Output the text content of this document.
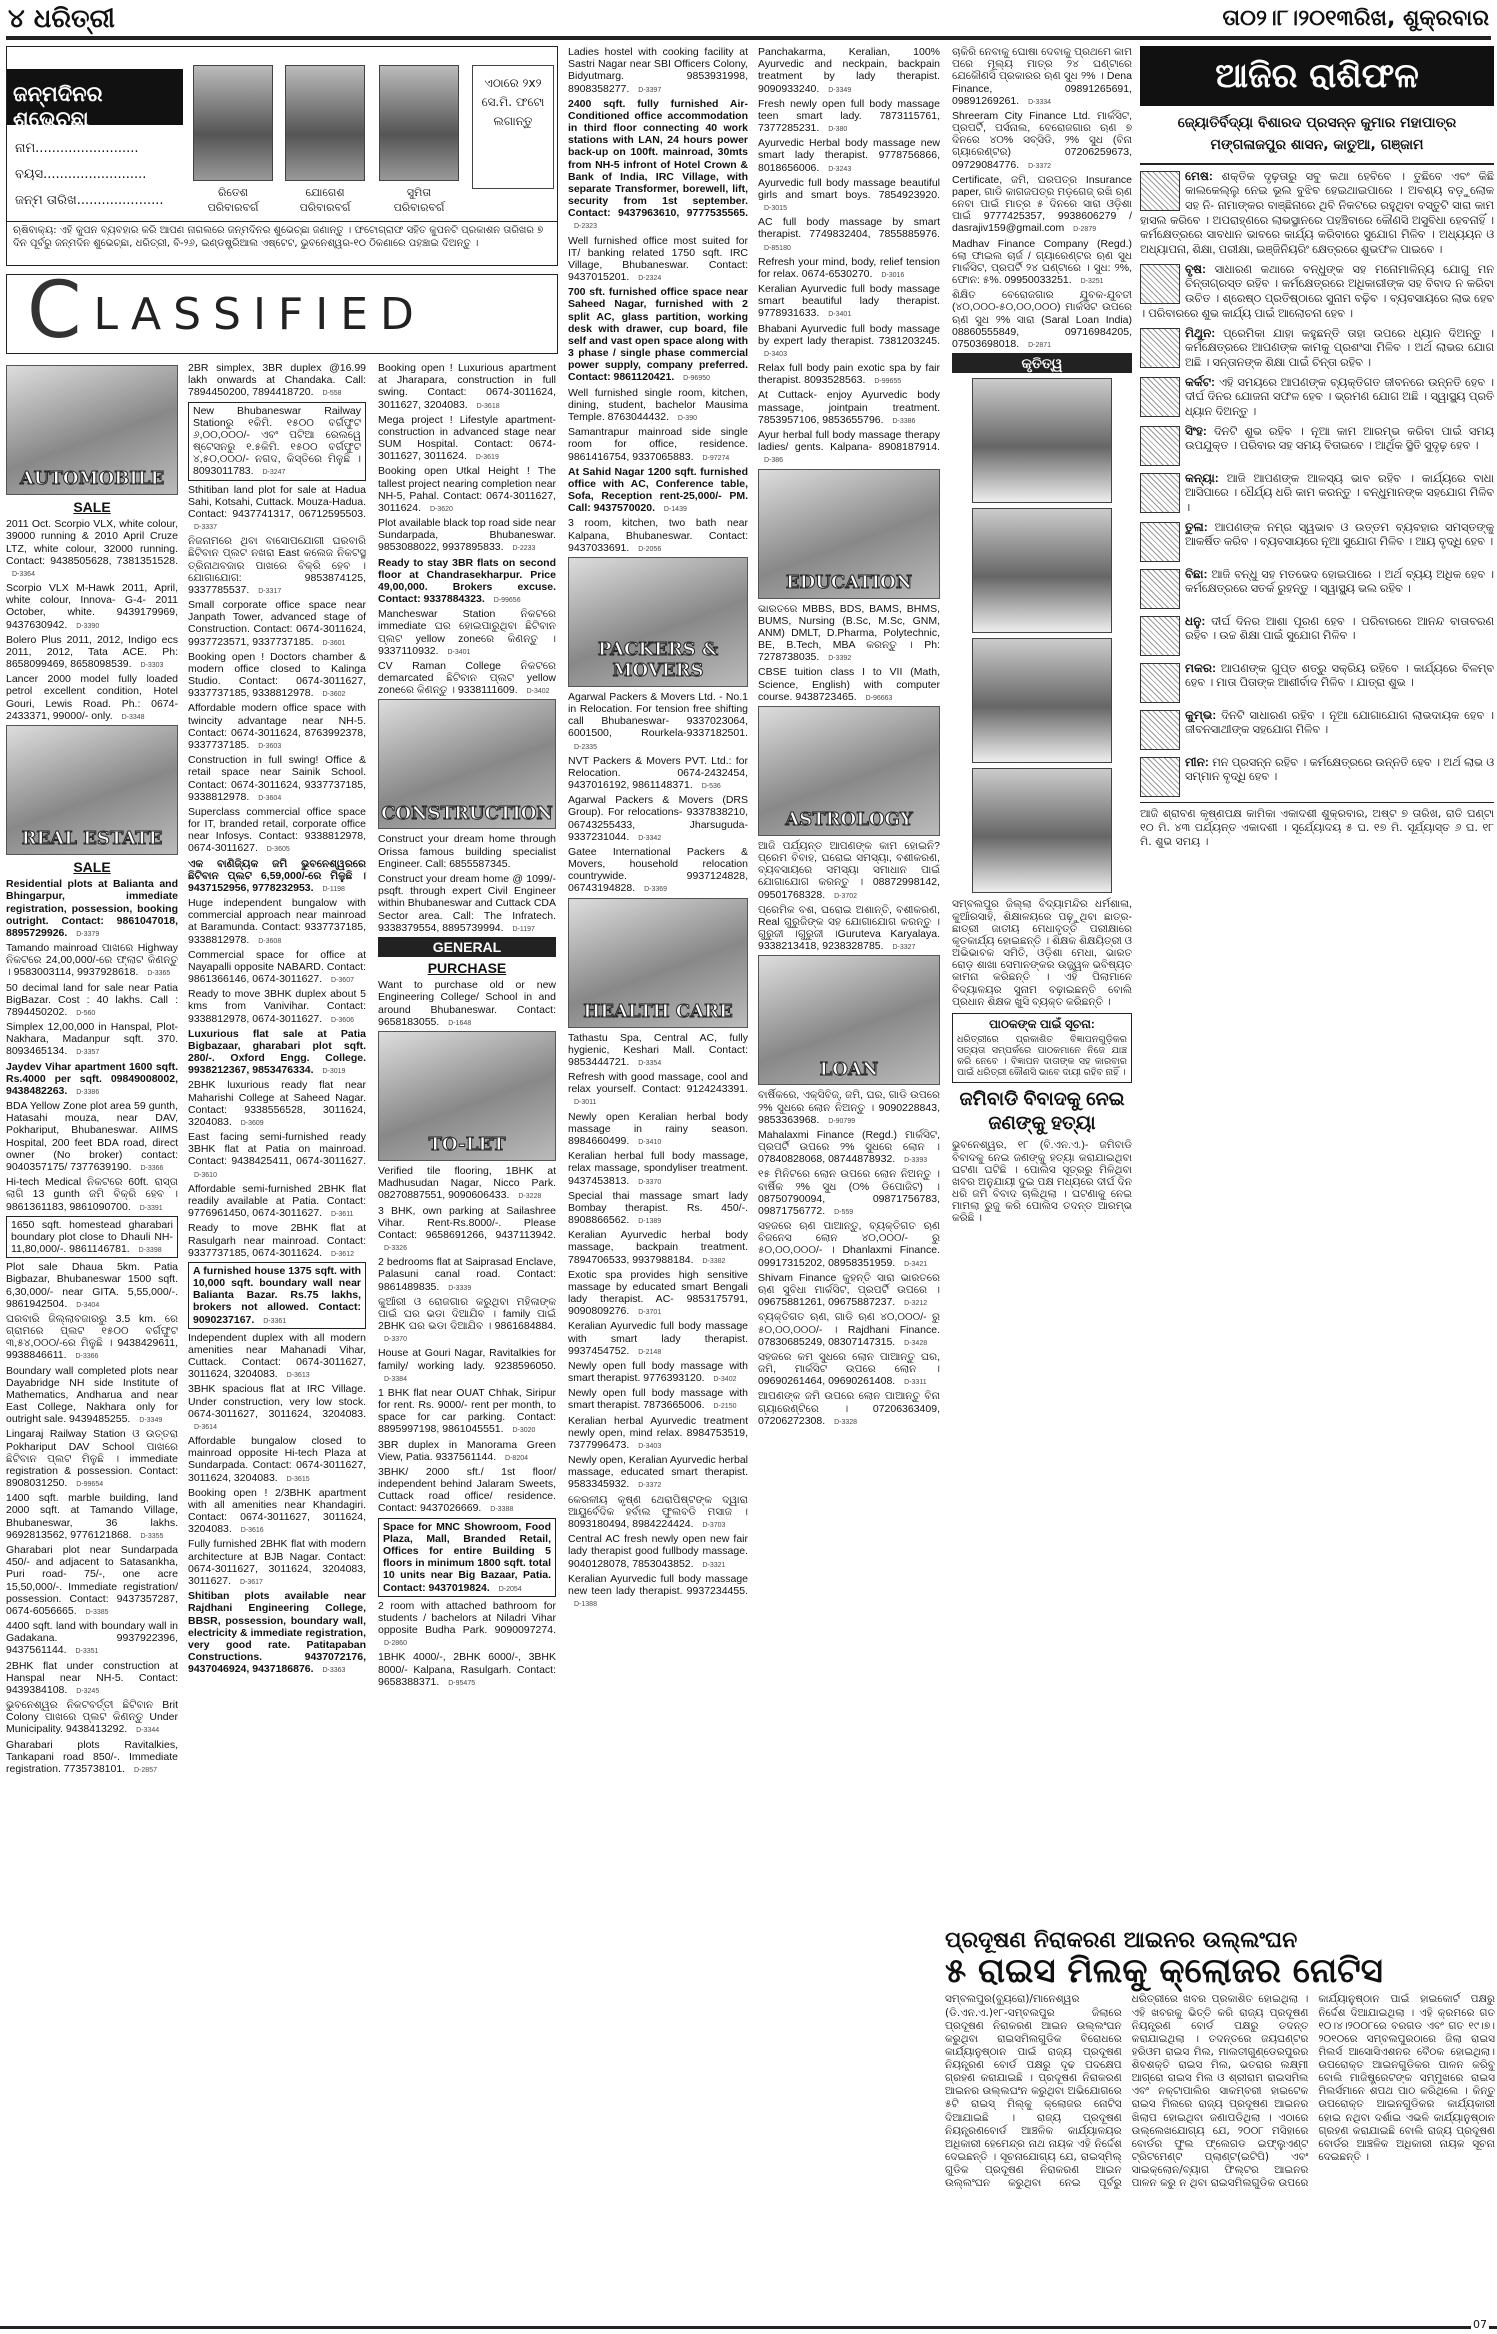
୪ ଧରିତ୍ରୀ	ତା୦୨।୮।୨୦୧୩ରିଖ, ଶୁକ୍ରବାର
ଜନ୍ମଦିନର ଶୁଭେଚ୍ଛା
ନାମ.........................
ବୟସ.........................
ଜନ୍ମ ତାରିଖ.....................
ରିତେଶ
ପରିବାରବର୍ଗ
ଯୋଗେଶ
ପରିବାରବର୍ଗ
ସୁମିତା
ପରିବାରବର୍ଗ
ଏଠାରେ ୨x୨ ସେ.ମି. ଫଟୋ ଲଗାନ୍ତୁ
ଋଷିବାକ୍ୟ: ଏହି କୁପନ ବ୍ୟବହାର କରି ଆପଣ ନାଗଲରେ ଜନ୍ମଦିନର ଶୁଭେଚ୍ଛା ଜଣାନ୍ତୁ । ଫଟୋଗ୍ରାଫ ସହିତ କୁପନଟି ପ୍ରକାଶନ ତାରିଖର ୭ ଦିନ ପୂର୍ବରୁ ଜନ୍ମଦିନ ଶୁଭେଚ୍ଛା, ଧରିତ୍ରୀ, ବି-୨୬, ଇଣ୍ଡଷ୍ଟ୍ରିଆଲ ଏଷ୍ଟେଟ, ଭୁବନେଶ୍ୱର-୧୦ ଠିକଣାରେ ପହଞ୍ଚାଇ ଦିଅନ୍ତୁ ।
CLASSIFIED
AUTOMOBILE
SALE
2011 Oct. Scorpio VLX, white colour, 39000 running & 2010 April Cruze LTZ, white colour, 32000 running. Contact: 9438505628, 7381351528. D-3364
Scorpio VLX M-Hawk 2011, April, white colour, Innova- G-4- 2011 October, white. 9439179969, 9437630942. D-3390
Bolero Plus 2011, 2012, Indigo ecs 2011, 2012, Tata ACE. Ph: 8658099469, 8658098539. D-3303
Lancer 2000 model fully loaded petrol excellent condition, Hotel Gouri, Lewis Road. Ph.: 0674-2433371, 99000/- only. D-3348
REAL ESTATE
SALE
Residential plots at Balianta and Bhingarpur, immediate registration, possession, booking outright. Contact: 9861047018, 8895729926. D-3379
Tamando mainroad ପାଖରେ Highway ନିକଟରେ 24,00,000/-ରେ ଫ୍ଲାଟ କିଣନ୍ତୁ । 9583003114, 9937928618. D-3365
50 decimal land for sale near Patia BigBazar. Cost : 40 lakhs. Call : 7894450202. D-560
Simplex 12,00,000 in Hanspal, Plot- Nakhara, Madanpur sqft. 370. 8093465134. D-3357
Jaydev Vihar apartment 1600 sqft. Rs.4000 per sqft. 09849008002, 9438482263. D-3386
BDA Yellow Zone plot area 59 gunth, Hatasahi mouza, near DAV, Pokhariput, Bhubaneswar. AIIMS Hospital, 200 feet BDA road, direct owner (No broker) contact: 9040357175/ 7377639190. D-3366
Hi-tech Medical ନିକଟରେ 60ft. ରାସ୍ତା ଲାଗି 13 gunth ଜମି ବିକ୍ରି ହେବ । 9861361183, 9861090700. D-3391
1650 sqft. homestead gharabari boundary plot close to Dhauli NH- 11,80,000/-. 9861146781. D-3398
Plot sale Dhaua 5km. Patia Bigbazar, Bhubaneswar 1500 sqft. 6,30,000/- near GITA. 5,55,000/-. 9861942504. D-3404
ଘରବାରି ଜିଲ୍ଲାବଜାରରୁ 3.5 km. ରେ ଗ୍ରାମରେ ପ୍ଲଟ ୧୫୦୦ ବର୍ଗଫୁଟ ୩,୫୪,୦୦୦/-ରେ ମିଳୁଛି । 9438429611, 9938846611. D-3366
Boundary wall completed plots near Dayabridge NH side Institute of Mathematics, Andharua and near East College, Nakhara only for outright sale. 9439485255. D-3349
Lingaraj Railway Station ଓ ଉତ୍ତରା Pokhariput DAV School ପାଖରେ ଛିଟିବାନ ପ୍ଲଟ ମିଳୁଛି । immediate registration & possession. Contact: 8908031250. D-99654
1400 sqft. marble building, land 2000 sqft. at Tamando Village, Bhubaneswar, 36 lakhs. 9692813562, 9776121868. D-3355
Gharabari plot near Sundarpada 450/- and adjacent to Satasankha, Puri road- 75/-, one acre 15,50,000/-. Immediate registration/ possession. Contact: 9437357287, 0674-6056665. D-3385
4400 sqft. land with boundary wall in Gadakana. 9937922396, 9437561144. D-3351
2BHK flat under construction at Hanspal near NH-5. Contact: 9439384108. D-3245
ଭୁବନେଶ୍ୱର ନିକଟବର୍ତ୍ତୀ ଛିଟିବାନ Brit Colony ପାଖରେ ପ୍ଲଟ କିଣନ୍ତୁ Under Municipality. 9438413292. D-3344
Gharabari plots Ravitalkies, Tankapani road 850/-. Immediate registration. 7735738101. D-2857
2BR simplex, 3BR duplex @16.99 lakh onwards at Chandaka. Call: 7894450200, 7894418720. D-558
New Bhubaneswar Railway Stationରୁ ୧କିମି. ୧୫୦୦ ବର୍ଗଫୁଟ ୬,୦୦,୦୦୦/- ଏବଂ ପଟିଆ ରେଲୱେ ଷ୍ଟେସନରୁ ୧.୫କିମି. ୧୫୦୦ ବର୍ଗଫୁଟ ୪,୫୦,୦୦୦/- ନଗଦ, କିସ୍ତିରେ ମିଳୁଛି । 8093011783. D-3247
Sthitiban land plot for sale at Hadua Sahi, Kotsahi, Cuttack. Mouza-Hadua. Contact: 9437741317, 06712595503. D-3337
ନିଜନାମରେ ଥିବା ବାସୋପଯୋଗୀ ଘରବାରି ଛିଟିବାନ ପ୍ଲଟ ନଖରା East କଲେଜ ନିକଟସ୍ଥ ତ୍ରିନାଥବଜାର ପାଖରେ ବିକ୍ରି ହେବ । ଯୋଗାଯୋଗ: 9853874125, 9337785537. D-3317
Small corporate office space near Janpath Tower, advanced stage of Construction. Contact: 0674-3011624, 9937723571, 9337737185. D-3601
Booking open ! Doctors chamber & modern office closed to Kalinga Studio. Contact: 0674-3011627, 9337737185, 9338812978. D-3602
Affordable modern office space with twincity advantage near NH-5. Contact: 0674-3011624, 8763992378, 9337737185. D-3603
Construction in full swing! Office & retail space near Sainik School. Contact: 0674-3011624, 9337737185, 9338812978. D-3604
Superclass commercial office space for IT, branded retail, corporate office near Infosys. Contact: 9338812978, 0674-3011627. D-3605
ଏକ ବାଣିଜ୍ୟିକ ଜମି ଭୁବନେଶ୍ୱରରେ ଛିଟିବାନ ପ୍ଲଟ 6,59,000/-ରେ ମିଳୁଛି । 9437152956, 9778232953. D-1198
Huge independent bungalow with commercial approach near mainroad at Baramunda. Contact: 9337737185, 9338812978. D-3608
Commercial space for office at Nayapalli opposite NABARD. Contact: 9861366146, 0674-3011627. D-3607
Ready to move 3BHK duplex about 5 kms from Vanivihar. Contact: 9338812978, 0674-3011627. D-3606
Luxurious flat sale at Patia Bigbazaar, gharabari plot sqft. 280/-. Oxford Engg. College. 9938212367, 9853476334. D-3019
2BHK luxurious ready flat near Maharishi College at Saheed Nagar. Contact: 9338556528, 3011624, 3204083. D-3609
East facing semi-furnished ready 3BHK flat at Patia on mainroad. Contact: 9438425411, 0674-3011627. D-3610
Affordable semi-furnished 2BHK flat readily available at Patia. Contact: 9776961450, 0674-3011627. D-3611
Ready to move 2BHK flat at Rasulgarh near mainroad. Contact: 9337737185, 0674-3011624. D-3612
A furnished house 1375 sqft. with 10,000 sqft. boundary wall near Balianta Bazar. Rs.75 lakhs, brokers not allowed. Contact: 9090237167. D-3361
Independent duplex with all modern amenities near Mahanadi Vihar, Cuttack. Contact: 0674-3011627, 3011624, 3204083. D-3613
3BHK spacious flat at IRC Village. Under construction, very low stock. 0674-3011627, 3011624, 3204083. D-3614
Affordable bungalow closed to mainroad opposite Hi-tech Plaza at Sundarpada. Contact: 0674-3011627, 3011624, 3204083. D-3615
Booking open ! 2/3BHK apartment with all amenities near Khandagiri. Contact: 0674-3011627, 3011624, 3204083. D-3616
Fully furnished 2BHK flat with modern architecture at BJB Nagar. Contact: 0674-3011627, 3011624, 3204083, 3011627. D-3617
Shitiban plots available near Rajdhani Engineering College, BBSR, possession, boundary wall, electricity & immediate registration, very good rate. Patitapaban Constructions. 9437072176, 9437046924, 9437186876. D-3363
Booking open ! Luxurious apartment at Jharapara, construction in full swing. Contact: 0674-3011624, 3011627, 3204083. D-3618
Mega project ! Lifestyle apartment- construction in advanced stage near SUM Hospital. Contact: 0674-3011627, 3011624. D-3619
Booking open Utkal Height ! The tallest project nearing completion near NH-5, Pahal. Contact: 0674-3011627, 3011624. D-3620
Plot available black top road side near Sundarpada, Bhubaneswar. 9853088022, 9937895833. D-2233
Ready to stay 3BR flats on second floor at Chandrasekharpur. Price 49,00,000. Brokers excuse. Contact: 9337884323. D-99656
Mancheswar Station ନିକଟରେ immediate ଘର ହୋଇପାରୁଥିବା ଛିଟିବାନ ପ୍ଲଟ yellow zoneରେ କିଣନ୍ତୁ । 9337110932. D-3401
CV Raman College ନିକଟରେ demarcated ଛିଟିବାନ ପ୍ଲଟ yellow zoneରେ କିଣନ୍ତୁ । 9338111609. D-3402
CONSTRUCTION
Construct your dream home through Orissa famous building specialist Engineer. Call: 6855587345.
Construct your dream home @ 1099/- psqft. through expert Civil Engineer within Bhubaneswar and Cuttack CDA Sector area. Call: The Infratech. 9338379554, 8895739994. D-1197
GENERAL
PURCHASE
Want to purchase old or new Engineering College/ School in and around Bhubaneswar. Contact: 9658183055. D-1648
TO-LET
Verified tile flooring, 1BHK at Madhusudan Nagar, Nicco Park. 08270887551, 9090606433. D-3228
3 BHK, own parking at Sailashree Vihar. Rent-Rs.8000/-. Please Contact: 9658691266, 9437113942. D-3326
2 bedrooms flat at Saiprasad Enclave, Palasuni canal road. Contact: 9861489835. D-3339
କୁଆଁରୀ ଓ ରୋଜଗାର କରୁଥିବା ମହିଳାଙ୍କ ପାଇଁ ଘର ଭଡା ଦିଆଯିବ । family ପାଇଁ 2BHK ଘର ଭଡା ଦିଆଯିବ । 9861684884. D-3370
House at Gouri Nagar, Ravitalkies for family/ working lady. 9238596050. D-3384
1 BHK flat near OUAT Chhak, Siripur for rent. Rs. 9000/- rent per month, to space for car parking. Contact: 8895997198, 9861045551. D-3020
3BR duplex in Manorama Green View, Patia. 9337561144. D-8204
3BHK/ 2000 sft./ 1st floor/ independent behind Jalaram Sweets, Cuttack road office/ residence. Contact: 9437026669. D-3388
Space for MNC Showroom, Food Plaza, Mall, Branded Retail, Offices for entire Building 5 floors in minimum 1800 sqft. total 10 units near Big Bazaar, Patia. Contact: 9437019824. D-2054
2 room with attached bathroom for students / bachelors at Niladri Vihar opposite Budha Park. 9090097274. D-2860
1BHK 4000/-, 2BHK 6000/-, 3BHK 8000/- Kalpana, Rasulgarh. Contact: 9658388371. D-95475
Ladies hostel with cooking facility at Sastri Nagar near SBI Officers Colony, Bidyutmarg. 9853931998, 8908358277. D-3397
2400 sqft. fully furnished Air-Conditioned office accommodation in third floor connecting 40 work stations with LAN, 24 hours power back-up on 100ft. mainroad, 30mts from NH-5 infront of Hotel Crown & Bank of India, IRC Village, with separate Transformer, borewell, lift, security from 1st september. Contact: 9437963610, 9777535565. D-2323
Well furnished office most suited for IT/ banking related 1750 sqft. IRC Village, Bhubaneswar. Contact: 9437015201. D-2324
700 sft. furnished office space near Saheed Nagar, furnished with 2 split AC, glass partition, working desk with drawer, cup board, file self and vast open space along with 3 phase / single phase commercial power supply, company preferred. Contact: 9861120421. D-96950
Well furnished single room, kitchen, dining, student, bachelor Mausima Temple. 8763044432. D-390
Samantrapur mainroad side single room for office, residence. 9861416754, 9337065883. D-97274
At Sahid Nagar 1200 sqft. furnished office with AC, Conference table, Sofa, Reception rent-25,000/- PM. Call: 9437570020. D-1439
3 room, kitchen, two bath near Kalpana, Bhubaneswar. Contact: 9437033691. D-2056
PACKERS & MOVERS
Agarwal Packers & Movers Ltd. - No.1 in Relocation. For tension free shifting call Bhubaneswar- 9337023064, 6001500, Rourkela-9337182501. D-2335
NVT Packers & Movers PVT. Ltd.: for Relocation. 0674-2432454, 9437016192, 9861148371. D-536
Agarwal Packers & Movers (DRS Group). For relocations- 9337838210, 06743255433, Jharsuguda- 9337231044. D-3342
Gatee International Packers & Movers, household relocation countrywide. 9937124828, 06743194828. D-3369
HEALTH CARE
Tathastu Spa, Central AC, fully hygienic, Keshari Mall. Contact: 9853444721. D-3354
Refresh with good massage, cool and relax yourself. Contact: 9124243391. D-3011
Newly open Keralian herbal body massage in rainy season. 8984660499. D-3410
Keralian herbal full body massage, relax massage, spondyliser treatment. 9437453813. D-3370
Special thai massage smart lady Bombay therapist. Rs. 450/-. 8908866562. D-1389
Keralian Ayurvedic herbal body massage, backpain treatment. 7894706533, 9937988184. D-3382
Exotic spa provides high sensitive massage by educated smart Bengali lady therapist. AC- 9853175791, 9090809276. D-3701
Keralian Ayurvedic full body massage with smart lady therapist. 9937454752. D-2148
Newly open full body massage with smart therapist. 9776393120. D-3402
Newly open full body massage with smart therapist. 7873665006. D-2150
Keralian herbal Ayurvedic treatment newly open, mind relax. 8984753519, 7377996473. D-3403
Newly open, Keralian Ayurvedic herbal massage, educated smart therapist. 9583345932. D-3372
କେରଳୀୟ କୃଷ୍ଣ ଥେରାପିଷ୍ଟଙ୍କ ଦ୍ୱାରା ଆୟୁର୍ବେଦିକ ହର୍ବାଲ ଫୁଲବଡି ମସାଜ । 8093180494, 8984224424. D-3703
Central AC fresh newly open new fair lady therapist good fullbody massage. 9040128078, 7853043852. D-3321
Keralian Ayurvedic full body massage new teen lady therapist. 9937234455. D-1388
Panchakarma, Keralian, 100% Ayurvedic and neckpain, backpain treatment by lady therapist. 9090933240. D-3349
Fresh newly open full body massage teen smart lady. 7873115761, 7377285231. D-380
Ayurvedic Herbal body massage new smart lady therapist. 9778756866, 8018656006. D-3243
Ayurvedic full body massage beautiful girls and smart boys. 7854923920. D-3015
AC full body massage by smart therapist. 7749832404, 7855885976. D-85180
Refresh your mind, body, relief tension for relax. 0674-6530270. D-3016
Keralian Ayurvedic full body massage smart beautiful lady therapist. 9778931633. D-3401
Bhabani Ayurvedic full body massage by expert lady therapist. 7381203245. D-3403
Relax full body pain exotic spa by fair therapist. 8093528563. D-99655
At Cuttack- enjoy Ayurvedic body massage, jointpain treatment. 7853957106, 9853655796. D-3386
Ayur herbal full body massage therapy ladies/ gents. Kalpana- 8908187914. D-386
EDUCATION
ଭାରତରେ MBBS, BDS, BAMS, BHMS, BUMS, Nursing (B.Sc, M.Sc, GNM, ANM) DMLT, D.Pharma, Polytechnic, BE, B.Tech, MBA କରନ୍ତୁ । Ph: 7278738035. D-3392
CBSE tuition class I to VII (Math, Science, English) with computer course. 9438723465. D-96663
ASTROLOGY
ଆଜି ପର୍ଯ୍ୟନ୍ତ ଆପଣଙ୍କ କାମ ହୋଇନି? ପ୍ରେମ ବିବାହ, ଘରୋଇ ସମସ୍ୟା, ବଶୀକରଣ, ବ୍ୟବସାୟରେ ସମସ୍ୟା ସମାଧାନ ପାଇଁ ଯୋଗାଯୋଗ କରନ୍ତୁ । 08872998142, 09501768328. D-3702
ପ୍ରେମିକ ବଶ, ଘରୋଇ ଅଶାନ୍ତି, ବଶୀକରଣ, Real ଗୁରୁଜିଙ୍କ ସହ ଯୋଗାଯୋଗ କରନ୍ତୁ । ଗୁରୁଜୀ ।ଗୁରୁଜୀ ।Guruteva Karyalaya. 9338213418, 9238328785. D-3327
LOAN
ବାର୍ଷିକରେ, ଏକ୍ସିବିଜ୍, ଜମି, ଘର, ଗାଡି ଉପରେ ୨% ସୁଧରେ ଲୋନ ନିଅନ୍ତୁ । 9090228843, 9853363968. D-90799
Mahalaxmi Finance (Regd.) ମାର୍କସିଟ, ପ୍ରପର୍ଟି ଉପରେ ୨% ସୁଧରେ ଲୋନ । 07840828068, 08744878932. D-3393
୧୫ ମିନିଟରେ ଲୋନ ଉପରେ ଲୋନ ନିଅନ୍ତୁ । ବାର୍ଷିକ ୨% ସୁଧ (୦% ଡିପୋଜିଟ) । 08750790094, 09871756783, 09871756772. D-559
ସହଜରେ ଋଣ ପାଆନ୍ତୁ, ବ୍ୟକ୍ତିଗତ ଋଣ ବିଜନେସ ଲୋନ ୪୦,୦୦୦/- ରୁ ୫୦,୦୦,୦୦୦/- । Dhanlaxmi Finance. 09917315202, 08958351959. D-3421
Shivam Finance କୁହନ୍ତି ସାରା ଭାରତରେ ଋଣ ସୁବିଧା ମାର୍କସିଟ, ପ୍ରପର୍ଟି ଉପରେ । 09675881261, 09675887237. D-3212
ବ୍ୟକ୍ତିଗତ ଋଣ, ଗାଡି ଋଣ ୪୦,୦୦୦/- ରୁ ୫୦,୦୦,୦୦୦/- । Rajdhani Finance. 07830685249, 08307147315. D-3428
ସହଜରେ କମ ସୁଧରେ ଲୋନ ପାଆନ୍ତୁ ଘର, ଜମି, ମାର୍କସିଟ ଉପରେ ଲୋନ । 09690261464, 09690261408. D-3311
ଆପଣଙ୍କ ଜମି ଉପରେ ଲୋନ ପାଆନ୍ତୁ ବିନା ଗ୍ୟାରେଣ୍ଟିରେ । 07206363409, 07206272308. D-3328
ଚାକିରି ନେବାକୁ ଘୋଷା ଦେବାକୁ ପ୍ରଥମେ କାମ ପରେ ମୂଲ୍ୟ ମାତ୍ର ୨୪ ଘଣ୍ଟାରେ ଯେକୌଣସି ପ୍ରକାରର ଋଣ ସୁଧ ୨% । Dena Finance, 09891265691, 09891269261. D-3334
Shreeram City Finance Ltd. ମାର୍କସିଟ, ପ୍ରପର୍ଟି, ପର୍ସନାଲ, ବେରୋଜଗାର ଋଣ ୭ ଦିନରେ ୪୦% ସବ୍ସିଡି, ୨% ସୁଧ (ବିନା ଗ୍ୟାରେଣ୍ଟର) 07206259673, 09729084776. D-3372
Certificate, ଜମି, ଘରପତ୍ର Insurance paper, ଗାଡି କାଗଜପତ୍ର ମଡ଼ଗେଜ୍ ରଖି ଋଣ ନେବା ପାଇଁ ମାତ୍ର ୫ ଦିନରେ ସାରା ଓଡ଼ିଶା ପାଇଁ 9777425357, 9938606279 / dasrajiv159@gmail.com D-2879
Madhav Finance Company (Regd.) ଲୋ ଫାଇଲ ଚାର୍ଜ / ଗ୍ୟାରେଣ୍ଟର ଋଣ ସୁଧ ମାର୍କସିଟ, ପ୍ରପର୍ଟି ୨୪ ଘଣ୍ଟାରେ । ସୁଧ: ୨%, ଫୋନ: ୫%. 09950033251. D-3251
ଶିକ୍ଷିତ ବେରୋଜଗାର ଯୁବକ-ଯୁବତୀ (୪୦,୦୦୦-୫୦,୦୦,୦୦୦) ମାର୍କସିଟ ଉପରେ ଋଣ ସୁଧ ୨% ସାରା (Saral Loan India) 08860555849, 09716984205, 07503698018. D-2871
କୃତିତ୍ୱ
ସମ୍ବଲପୁର ଜିଲ୍ଲା ବିଦ୍ୟାମନ୍ଦିର ଧର୍ମଶାଳା, କୁଆଁରସାହି, ଶିକ୍ଷାଳୟରେ ପଢ଼ୁଥିବା ଛାତ୍ର-ଛାତ୍ରୀ ଜାତୀୟ ମେଧାବୃତ୍ତି ପରୀକ୍ଷାରେ କୃତକାର୍ଯ୍ୟ ହୋଇଛନ୍ତି । ଶିକ୍ଷକ ଶିକ୍ଷୟିତ୍ରୀ ଓ ଅଭିଭାବକ ସମିତି, ଓଡ଼ିଶା ମେଧା, ଭାରତ ରୋଡ଼ ଶାଖା ସେମାନଙ୍କର ଉଜ୍ଜ୍ୱଳ ଭବିଷ୍ୟତ କାମନା କରିଛନ୍ତି । ଏହି ପିଲାମାନେ ବିଦ୍ୟାଳୟର ସୁନାମ ବଢ଼ାଇଛନ୍ତି ବୋଲି ପ୍ରଧାନ ଶିକ୍ଷକ ଖୁସି ବ୍ୟକ୍ତ କରିଛନ୍ତି ।
ପାଠକଙ୍କ ପାଇଁ ସୂଚନା:
ଧରିତ୍ରୀରେ ପ୍ରକାଶିତ ବିଜ୍ଞାପନଗୁଡ଼ିକର ସତ୍ୟତା ସମ୍ପର୍କରେ ପାଠକମାନେ ନିଜେ ଯାଞ୍ଚ କରି ନେବେ । ବିଜ୍ଞାପନ ଦାତାଙ୍କ ସହ କାରବାର ପାଇଁ ଧରିତ୍ରୀ କୌଣସି ଭାବେ ଦାୟୀ ରହିବ ନାହିଁ ।
ଜମିବାଡି ବିବାଦକୁ ନେଇ ଜଣଙ୍କୁ ହତ୍ୟା
ଭୁବନେଶ୍ୱର, ୧୮ (ବି.ଏନ.ଏ.)- ଜମିବାଡି ବିବାଦକୁ ନେଇ ଜଣଙ୍କୁ ହତ୍ୟା କରାଯାଇଥିବା ଘଟଣା ଘଟିଛି । ପୋଲିସ ସୂତ୍ରରୁ ମିଳିଥିବା ଖବର ଅନୁଯାୟୀ ଦୁଇ ପକ୍ଷ ମଧ୍ୟରେ ଦୀର୍ଘ ଦିନ ଧରି ଜମି ବିବାଦ ଚାଲିଥିଲା । ଘଟଣାକୁ ନେଇ ମାମଲା ରୁଜୁ କରି ପୋଲିସ ତଦନ୍ତ ଆରମ୍ଭ କରିଛି ।
ଆଜିର ରାଶିଫଳ
ଜ୍ୟୋତିର୍ବିଦ୍ୟା ବିଶାରଦ ପ୍ରସନ୍ନ କୁମାର ମହାପାତ୍ର
ମଙ୍ଗଳାଜପୁର ଶାସନ, କାତୁଆ, ଗଞ୍ଜାମ
ମେଷ: ଶକ୍ତିକ ଦୃଢ଼ତାରୁ ସବୁ କଥା ହେବିବେ । ତୁଛିବେ ଏବଂ କିଛି କାଲକେଲ୍ଲୁ ନେଇ ଭୂଲ ବୁଝିବ ହେଇଥାଇପାରେ । ଅବଶ୍ୟ ବଡ଼ୁଲୋକ ସହ ନି- ନାମାଙ୍କର ବାଞ୍ଛିନାରେ ଥିବି ନିକଟରେ ରହୁଥିବା ବସ୍ତୁଟି ସାରା କାମ ହାସଲ କରିବେ । ଅପରାହ୍ଣରେ ଲାଭସ୍ଥାନରେ ପହଞ୍ଚିବାରେ କୌଣସି ଅସୁବିଧା ହେବନାହିଁ । କର୍ମକ୍ଷେତ୍ରରେ ସାବଧାନ ଭାବରେ କାର୍ଯ୍ୟ କରିବାରେ ସୁଯୋଗ ମିଳିବ । ଅଧ୍ୟୟନ ଓ ଅଧ୍ୟାପନା, ଶିକ୍ଷା, ପରୀକ୍ଷା, ଇଞ୍ଜିନିୟରିଂ କ୍ଷେତ୍ରରେ ଶୁଭଫଳ ପାଇବେ ।
ବୃଷ: ସାଧାରଣ କଥାରେ ବନ୍ଧୁଙ୍କ ସହ ମନୋମାଳିନ୍ୟ ଯୋଗୁ ମନ ଚିନ୍ତାଗ୍ରସ୍ତ ରହିବ । କର୍ମକ୍ଷେତ୍ରରେ ଅଧିକାରୀଙ୍କ ସହ ବିବାଦ ନ କରିବା ଉଚିତ । ଶ୍ରେଷ୍ଠ ପ୍ରତିଷ୍ଠାରେ ସୁନାମ ବଢ଼ିବ । ବ୍ୟବସାୟରେ ଲାଭ ହେବ । ପରିବାରରେ ଶୁଭ କାର୍ଯ୍ୟ ପାଇଁ ଆଲୋଚନା ହେବ ।
ମିଥୁନ: ପ୍ରେମିକା ଯାହା କହୁଛନ୍ତି ତାହା ଉପରେ ଧ୍ୟାନ ଦିଅନ୍ତୁ । କର୍ମକ୍ଷେତ୍ରରେ ଆପଣଙ୍କ କାମକୁ ପ୍ରଶଂସା ମିଳିବ । ଅର୍ଥ ଲାଭର ଯୋଗ ଅଛି । ସନ୍ତାନଙ୍କ ଶିକ୍ଷା ପାଇଁ ଚିନ୍ତା ରହିବ ।
କର୍କଟ: ଏହି ସମୟରେ ଆପଣଙ୍କ ବ୍ୟକ୍ତିଗତ ଜୀବନରେ ଉନ୍ନତି ହେବ । ଦୀର୍ଘ ଦିନର ଯୋଜନା ସଫଳ ହେବ । ଭ୍ରମଣ ଯୋଗ ଅଛି । ସ୍ୱାସ୍ଥ୍ୟ ପ୍ରତି ଧ୍ୟାନ ଦିଅନ୍ତୁ ।
ସିଂହ: ଦିନଟି ଶୁଭ ରହିବ । ନୂଆ କାମ ଆରମ୍ଭ କରିବା ପାଇଁ ସମୟ ଉପଯୁକ୍ତ । ପରିବାର ସହ ସମୟ ବିତାଇବେ । ଆର୍ଥିକ ସ୍ଥିତି ସୁଦୃଢ଼ ହେବ ।
କନ୍ୟା: ଆଜି ଆପଣଙ୍କ ଆଳସ୍ୟ ଭାବ ରହିବ । କାର୍ଯ୍ୟରେ ବାଧା ଆସିପାରେ । ଧୈର୍ଯ୍ୟ ଧରି କାମ କରନ୍ତୁ । ବନ୍ଧୁମାନଙ୍କ ସହଯୋଗ ମିଳିବ ।
ତୁଳା: ଆପଣଙ୍କ ନମ୍ର ସ୍ୱଭାବ ଓ ଉତ୍ତମ ବ୍ୟବହାର ସମସ୍ତଙ୍କୁ ଆକର୍ଷିତ କରିବ । ବ୍ୟବସାୟରେ ନୂଆ ସୁଯୋଗ ମିଳିବ । ଆୟ ବୃଦ୍ଧି ହେବ ।
ବିଛା: ଆଜି ବନ୍ଧୁ ସହ ମତଭେଦ ହୋଇପାରେ । ଅର୍ଥ ବ୍ୟୟ ଅଧିକ ହେବ । କର୍ମକ୍ଷେତ୍ରରେ ସତର୍କ ରୁହନ୍ତୁ । ସ୍ୱାସ୍ଥ୍ୟ ଭଲ ରହିବ ।
ଧନୁ: ଦୀର୍ଘ ଦିନର ଆଶା ପୂରଣ ହେବ । ପରିବାରରେ ଆନନ୍ଦ ବାତାବରଣ ରହିବ । ଉଚ୍ଚ ଶିକ୍ଷା ପାଇଁ ସୁଯୋଗ ମିଳିବ ।
ମକର: ଆପଣଙ୍କ ଗୁପ୍ତ ଶତ୍ରୁ ସକ୍ରିୟ ରହିବେ । କାର୍ଯ୍ୟରେ ବିଳମ୍ବ ହେବ । ମାତା ପିତାଙ୍କ ଆଶୀର୍ବାଦ ମିଳିବ । ଯାତ୍ରା ଶୁଭ ।
କୁମ୍ଭ: ଦିନଟି ସାଧାରଣ ରହିବ । ନୂଆ ଯୋଗାଯୋଗ ଲାଭଦାୟକ ହେବ । ଜୀବନସାଥୀଙ୍କ ସହଯୋଗ ମିଳିବ ।
ମୀନ: ମନ ପ୍ରସନ୍ନ ରହିବ । କର୍ମକ୍ଷେତ୍ରରେ ଉନ୍ନତି ହେବ । ଅର୍ଥ ଲାଭ ଓ ସମ୍ମାନ ବୃଦ୍ଧି ହେବ ।
ଆଜି ଶ୍ରାବଣ କୃଷ୍ଣପକ୍ଷ କାମିକା ଏକାଦଶୀ ଶୁକ୍ରବାର, ଅଷ୍ଟ ୭ ତାରିଖ, ରାତି ଘଣ୍ଟା ୧୦ ମି. ୪୩ ପର୍ଯ୍ୟନ୍ତ ଏକାଦଶୀ । ସୂର୍ଯ୍ୟୋଦୟ ୫ ଘ. ୧୭ ମି. ସୂର୍ଯ୍ୟାସ୍ତ ୬ ଘ. ୧୮ ମି. ଶୁଭ ସମୟ ।
ପ୍ରଦୂଷଣ ନିରାକରଣ ଆଇନର ଉଲ୍ଲଂଘନ
୫ ରାଇସ ମିଲକୁ କ୍ଲୋଜର ନୋଟିସ
ସମ୍ବଲପୁର(ବ୍ୟୁରୋ)/ମାନେଶ୍ୱର (ଡି.ଏନ.ଏ.)୧୮-ସମ୍ବଲପୁର ଜିଲାରେ ପ୍ରଦୂଷଣ ନିରାକରଣ ଆଇନ ଉଲ୍ଲଂଘନ କରୁଥିବା ରାଇସମିଲଗୁଡିକ ବିରୋଧରେ କାର୍ଯ୍ୟାନୁଷ୍ଠାନ ପାଇଁ ରାଜ୍ୟ ପ୍ରଦୂଷଣ ନିୟନ୍ତ୍ରଣ ବୋର୍ଡ ପକ୍ଷରୁ ଦୃଢ ପଦକ୍ଷେପ ଗ୍ରହଣ କରାଯାଇଛି । ପ୍ରଦୂଷଣ ନିରାକରଣ ଆଇନର ଉଲ୍ଲଘଂନ କରୁଥିବା ଅଭିଯୋଗରେ ୫ଟି ରାଇସ୍ ମିଲ୍‌କୁ କ୍ଲୋଜର ନୋଟିସ ଦିଆଯାଇଛି । ରାଜ୍ୟ ପ୍ରଦୂଷଣ ନିୟନ୍ତ୍ରଣବୋର୍ଡ ଆଞ୍ଚଳିକ କାର୍ଯ୍ୟାଳୟର ଅଧିକାରୀ ହେମେନ୍ଦ୍ର ନାଥ ନାୟକ ଏହି ନିର୍ଦ୍ଦେଶ ଦେଇଛନ୍ତି । ସୂଚନାଯୋଗ୍ୟ ଯେ, ରାଇସ୍‌ମିଲ୍ ଗୁଡିକ ପ୍ରଦୂଷଣ ନିରାକରଣ ଆଇନ ଉଲ୍ଲଂଘନ କରୁଥିବା ନେଇ ପୂର୍ବରୁ ଧରିତ୍ରୀରେ ଖବର ପ୍ରକାଶିତ ହୋଇଥିଲା । ଏହି ଖବରକୁ ଭିତ୍ତି କରି ରାଜ୍ୟ ପ୍ରଦୂଷଣ ନିୟନ୍ତ୍ରଣ ବୋର୍ଡ ପକ୍ଷରୁ ତଦନ୍ତ କରାଯାଇଥିଲା । ତଦନ୍ତରେ ଜୟଘଣ୍ଟର ହରିଓମ ରାଇସ ମିଲ, ମାଲତୀଗୁଣ୍ଡେରପୁରର ଶିବଶକ୍ତି ରାଇସ ମିଲ, ଭତରାର ଲକ୍ଷ୍ମୀ ଆଗ୍ରୋ ରାଇସ ମିଲ ଓ ଶ୍ରୀରାମ ରାଇସମିଲ ଏବଂ ନକ୍ଟାପାଲିର ସାକମ୍ବରୀ ହାଇଟେକ ରାଇସ ମିଲରେ ରାଜ୍ୟ ପ୍ରଦୂଷଣ ଆଇନର ଖିଲାପ ହୋଇଥିବା ଜଣାପଡିଥିଲା । ଏଠାରେ ଉଲ୍ଲେଖଯୋଗ୍ୟ ଯେ, ୨୦୦୮ ମସିହାରେ ବୋର୍ଡର ଫୁଲ ଫ୍ଲେଗଡ ଇଫ୍ଲୁଏଣ୍ଟ ଟ୍ରିଟମେଣ୍ଟ ପ୍ଲାଣ୍ଟ(ଇଟିପି) ଏବଂ ସାଇକ୍ଲୋନ/ବ୍ୟାଗ ଫିଲ୍ଟର ଆଇନର ପାଳନ କରୁ ନ ଥିବା ରାଇସମିଲଗୁଡିକ ଉପରେ କାର୍ଯ୍ୟାନୁଷ୍ଠାନ ପାଇଁ ହାଇକୋର୍ଟ ପକ୍ଷରୁ ନିର୍ଦ୍ଦେଶ ଦିଆଯାଇଥିଲା । ଏହି କ୍ରମରେ ଗତ ୧୦।୪।୨୦୦୮ରେ ବରଗଡ ଏବଂ ଗତ ୧୯।୭।୨୦୧୦ରେ ସମ୍ବଲପୁରଠାରେ ଜିଲା ରାଇସ ମିଲର୍ସ ଆସୋସିଏଶନର ବୈଠକ ହୋଇଥିଲା। ଉପରୋକ୍ତ ଆଇନଗୁଡିକର ପାଳନ କରିବୁ ବୋଲି ମାଜିଷ୍ଟ୍ରେଟଙ୍କ ସମ୍ମୁଖରେ ରାଇସ ମିଲର୍ସମାନେ ଶପଥ ପାଠ କରିଥିଲେ । କିନ୍ତୁ ଉପରୋକ୍ତ ଆଇନଗୁଡିକର କାର୍ଯ୍ୟକାରୀ ହୋଇ ନଥିବା ଦର୍ଶାଇ ଏଭଳି କାର୍ଯ୍ୟାନୁଷ୍ଠାନ ଗ୍ରହଣ କରାଯାଇଛି ବୋଲି ରାଜ୍ୟ ପ୍ରଦୂଷଣ ବୋର୍ଡର ଆଞ୍ଚଳିକ ଅଧିକାରୀ ନାୟକ ସୂଚନା ଦେଇଛନ୍ତି ।
07
